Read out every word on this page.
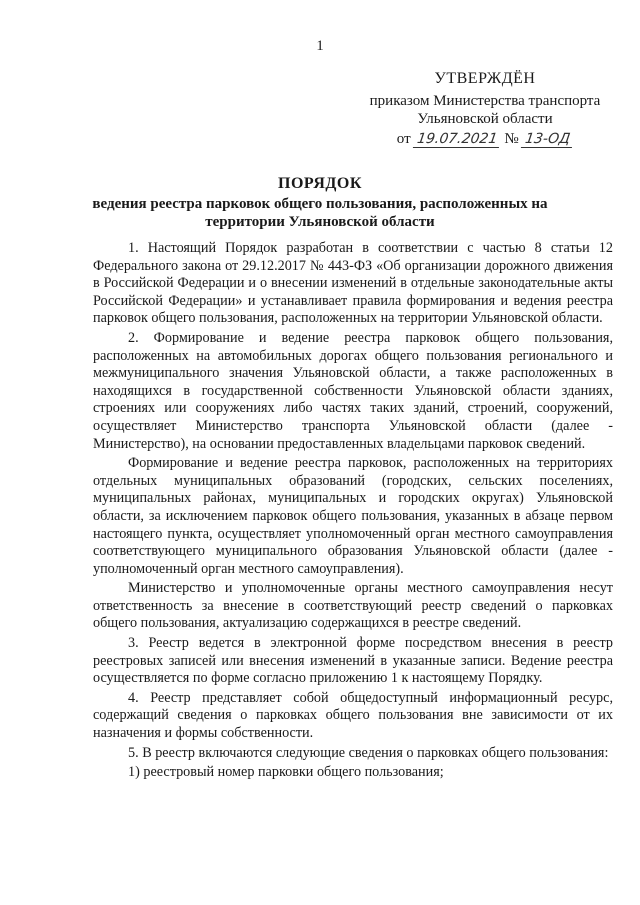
1
УТВЕРЖДЁН
приказом Министерства транспорта
Ульяновской области
от 19.07.2021 № 13-ОД
ПОРЯДОК
ведения реестра парковок общего пользования, расположенных на территории Ульяновской области

1. Настоящий Порядок разработан в соответствии с частью 8 статьи 12 Федерального закона от 29.12.2017 № 443-ФЗ «Об организации дорожного движения в Российской Федерации и о внесении изменений в отдельные законодательные акты Российской Федерации» и устанавливает правила формирования и ведения реестра парковок общего пользования, расположенных на территории Ульяновской области.

2. Формирование и ведение реестра парковок общего пользования, расположенных на автомобильных дорогах общего пользования регионального и межмуниципального значения Ульяновской области, а также расположенных в находящихся в государственной собственности Ульяновской области зданиях, строениях или сооружениях либо частях таких зданий, строений, сооружений, осуществляет Министерство транспорта Ульяновской области (далее - Министерство), на основании предоставленных владельцами парковок сведений.

Формирование и ведение реестра парковок, расположенных на территориях отдельных муниципальных образований (городских, сельских поселениях, муниципальных районах, муниципальных и городских округах) Ульяновской области, за исключением парковок общего пользования, указанных в абзаце первом настоящего пункта, осуществляет уполномоченный орган местного самоуправления соответствующего муниципального образования Ульяновской области (далее - уполномоченный орган местного самоуправления).

Министерство и уполномоченные органы местного самоуправления несут ответственность за внесение в соответствующий реестр сведений о парковках общего пользования, актуализацию содержащихся в реестре сведений.

3. Реестр ведется в электронной форме посредством внесения в реестр реестровых записей или внесения изменений в указанные записи. Ведение реестра осуществляется по форме согласно приложению 1 к настоящему Порядку.

4. Реестр представляет собой общедоступный информационный ресурс, содержащий сведения о парковках общего пользования вне зависимости от их назначения и формы собственности.

5. В реестр включаются следующие сведения о парковках общего пользования:

1) реестровый номер парковки общего пользования;
